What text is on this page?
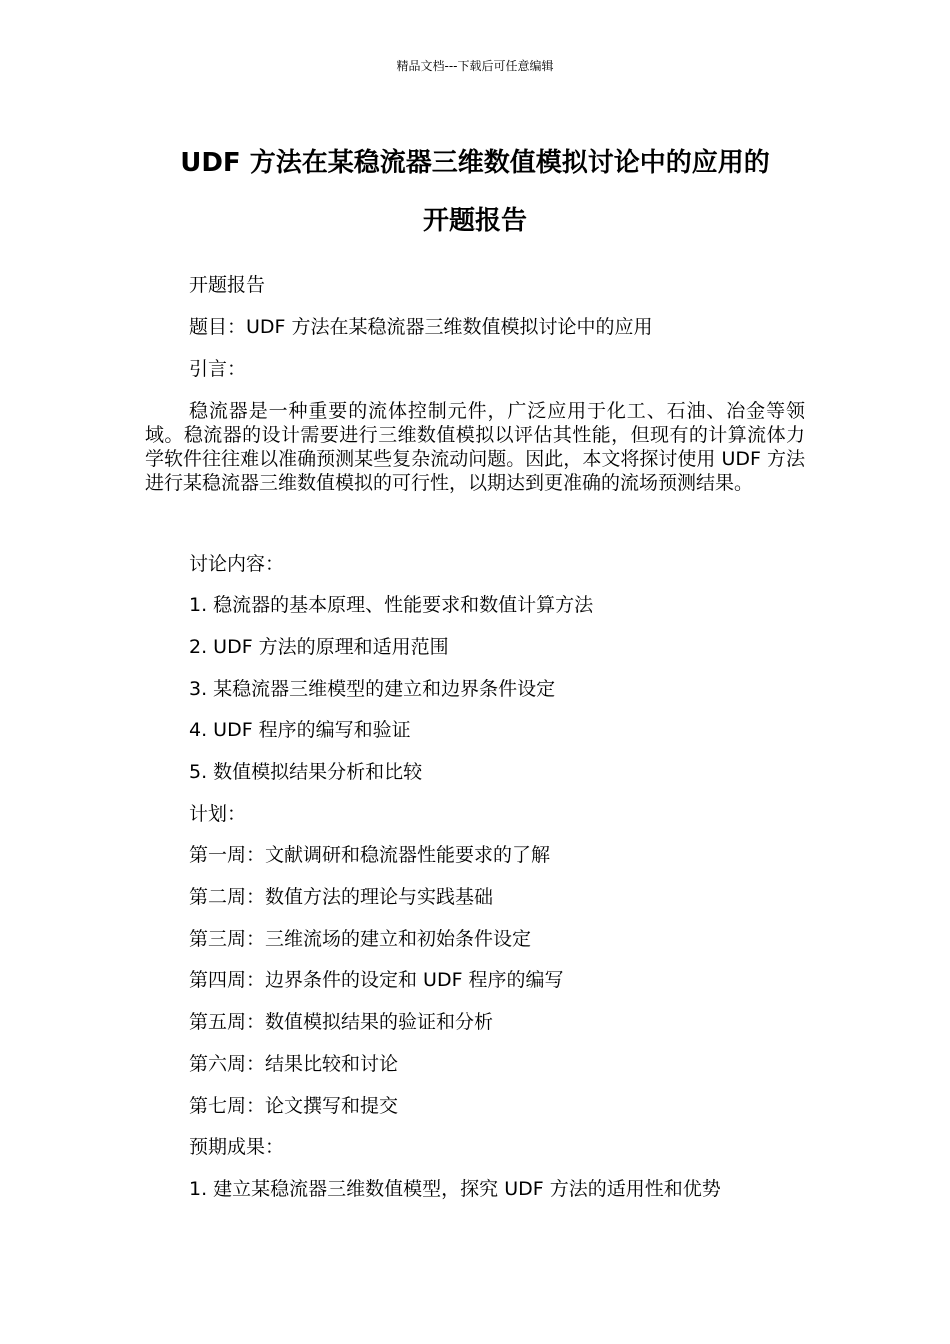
精品文档---下载后可任意编辑
UDF 方法在某稳流器三维数值模拟讨论中的应用的
开题报告
开题报告
题目：UDF 方法在某稳流器三维数值模拟讨论中的应用
引言：
稳流器是一种重要的流体控制元件，广泛应用于化工、石油、冶金等领域。稳流器的设计需要进行三维数值模拟以评估其性能，但现有的计算流体力学软件往往难以准确预测某些复杂流动问题。因此，本文将探讨使用 UDF 方法进行某稳流器三维数值模拟的可行性，以期达到更准确的流场预测结果。
讨论内容：
1. 稳流器的基本原理、性能要求和数值计算方法
2. UDF 方法的原理和适用范围
3. 某稳流器三维模型的建立和边界条件设定
4. UDF 程序的编写和验证
5. 数值模拟结果分析和比较
计划：
第一周：文献调研和稳流器性能要求的了解
第二周：数值方法的理论与实践基础
第三周：三维流场的建立和初始条件设定
第四周：边界条件的设定和 UDF 程序的编写
第五周：数值模拟结果的验证和分析
第六周：结果比较和讨论
第七周：论文撰写和提交
预期成果：
1. 建立某稳流器三维数值模型，探究 UDF 方法的适用性和优势
